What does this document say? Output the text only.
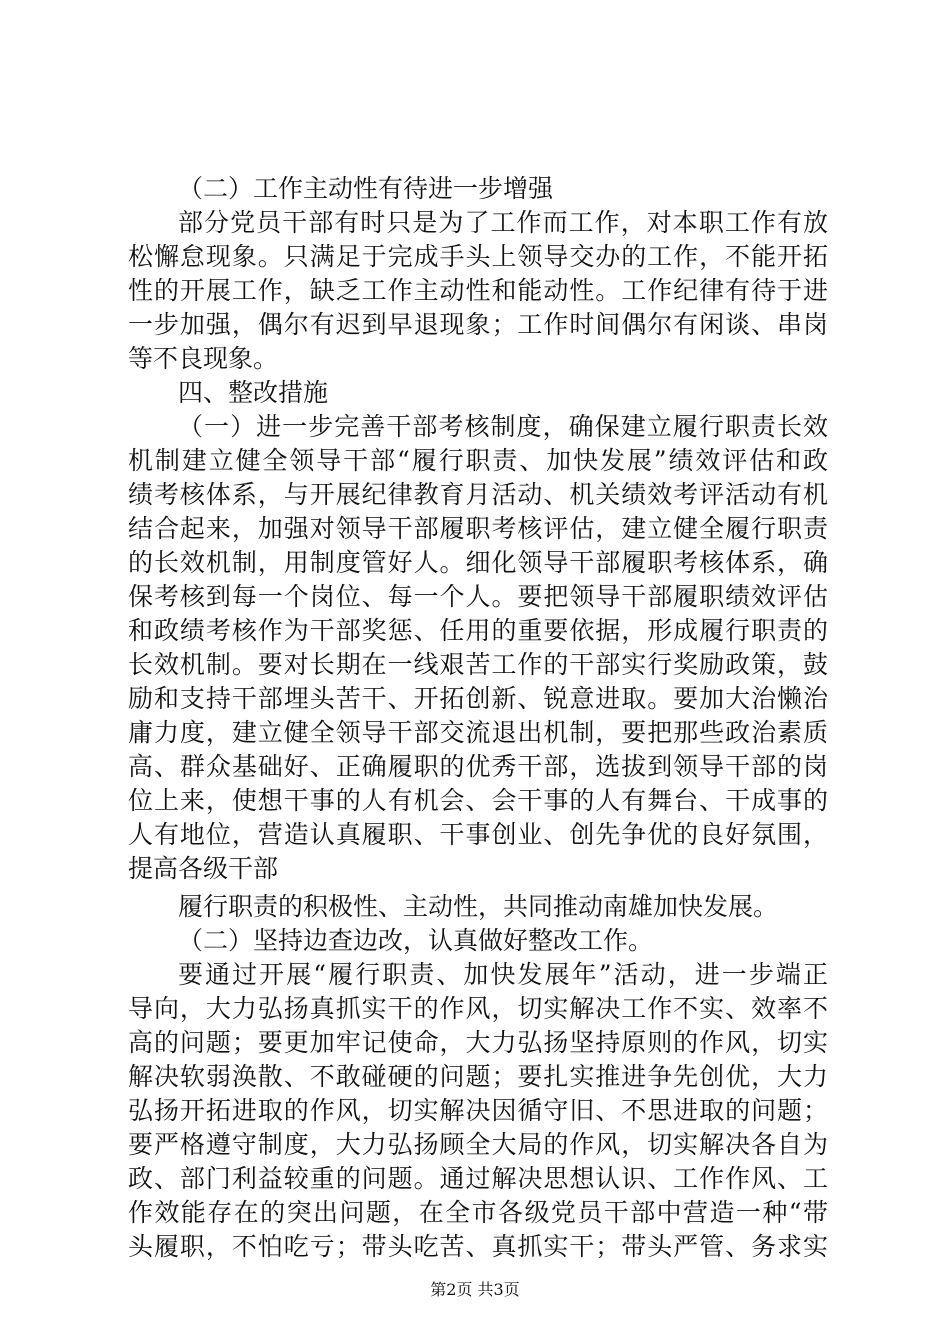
（二）工作主动性有待进一步增强
部分党员干部有时只是为了工作而工作，对本职工作有放
松懈怠现象。只满足于完成手头上领导交办的工作，不能开拓
性的开展工作，缺乏工作主动性和能动性。工作纪律有待于进
一步加强，偶尔有迟到早退现象；工作时间偶尔有闲谈、串岗
等不良现象。
四、整改措施
（一）进一步完善干部考核制度，确保建立履行职责长效
机制建立健全领导干部“履行职责、加快发展”绩效评估和政
绩考核体系，与开展纪律教育月活动、机关绩效考评活动有机
结合起来，加强对领导干部履职考核评估，建立健全履行职责
的长效机制，用制度管好人。细化领导干部履职考核体系，确
保考核到每一个岗位、每一个人。要把领导干部履职绩效评估
和政绩考核作为干部奖惩、任用的重要依据，形成履行职责的
长效机制。要对长期在一线艰苦工作的干部实行奖励政策，鼓
励和支持干部埋头苦干、开拓创新、锐意进取。要加大治懒治
庸力度，建立健全领导干部交流退出机制，要把那些政治素质
高、群众基础好、正确履职的优秀干部，选拔到领导干部的岗
位上来，使想干事的人有机会、会干事的人有舞台、干成事的
人有地位，营造认真履职、干事创业、创先争优的良好氛围，
提高各级干部
履行职责的积极性、主动性，共同推动南雄加快发展。
（二）坚持边查边改，认真做好整改工作。
要通过开展“履行职责、加快发展年”活动，进一步端正
导向，大力弘扬真抓实干的作风，切实解决工作不实、效率不
高的问题；要更加牢记使命，大力弘扬坚持原则的作风，切实
解决软弱涣散、不敢碰硬的问题；要扎实推进争先创优，大力
弘扬开拓进取的作风，切实解决因循守旧、不思进取的问题；
要严格遵守制度，大力弘扬顾全大局的作风，切实解决各自为
政、部门利益较重的问题。通过解决思想认识、工作作风、工
作效能存在的突出问题，在全市各级党员干部中营造一种“带
头履职，不怕吃亏；带头吃苦、真抓实干；带头严管、务求实
第2页 共3页
